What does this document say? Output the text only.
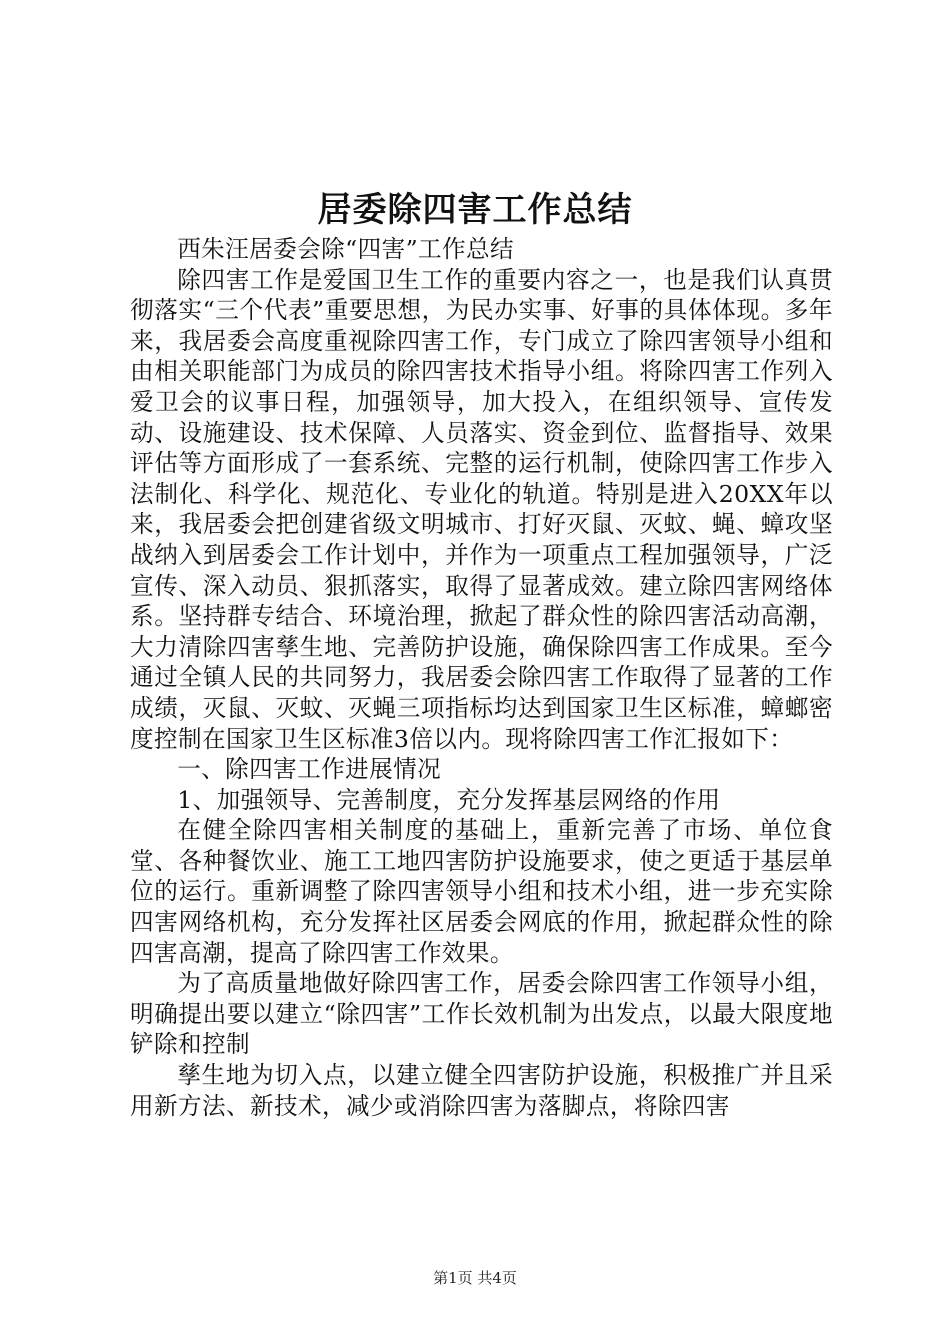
居委除四害工作总结

西朱汪居委会除“四害”工作总结

除四害工作是爱国卫生工作的重要内容之一，也是我们认真贯彻落实“三个代表”重要思想，为民办实事、好事的具体体现。多年来，我居委会高度重视除四害工作，专门成立了除四害领导小组和由相关职能部门为成员的除四害技术指导小组。将除四害工作列入爱卫会的议事日程，加强领导，加大投入，在组织领导、宣传发动、设施建设、技术保障、人员落实、资金到位、监督指导、效果评估等方面形成了一套系统、完整的运行机制，使除四害工作步入法制化、科学化、规范化、专业化的轨道。特别是进入20XX年以来，我居委会把创建省级文明城市、打好灭鼠、灭蚊、蝇、蟑攻坚战纳入到居委会工作计划中，并作为一项重点工程加强领导，广泛宣传、深入动员、狠抓落实，取得了显著成效。建立除四害网络体系。坚持群专结合、环境治理，掀起了群众性的除四害活动高潮，大力清除四害孳生地、完善防护设施，确保除四害工作成果。至今通过全镇人民的共同努力，我居委会除四害工作取得了显著的工作成绩，灭鼠、灭蚊、灭蝇三项指标均达到国家卫生区标准，蟑螂密度控制在国家卫生区标准3倍以内。现将除四害工作汇报如下：

一、除四害工作进展情况

1、加强领导、完善制度，充分发挥基层网络的作用

在健全除四害相关制度的基础上，重新完善了市场、单位食堂、各种餐饮业、施工工地四害防护设施要求，使之更适于基层单位的运行。重新调整了除四害领导小组和技术小组，进一步充实除四害网络机构，充分发挥社区居委会网底的作用，掀起群众性的除四害高潮，提高了除四害工作效果。

为了高质量地做好除四害工作，居委会除四害工作领导小组，明确提出要以建立“除四害”工作长效机制为出发点，以最大限度地铲除和控制

孳生地为切入点，以建立健全四害防护设施，积极推广并且采用新方法、新技术，减少或消除四害为落脚点，将除四害

第1页 共4页
